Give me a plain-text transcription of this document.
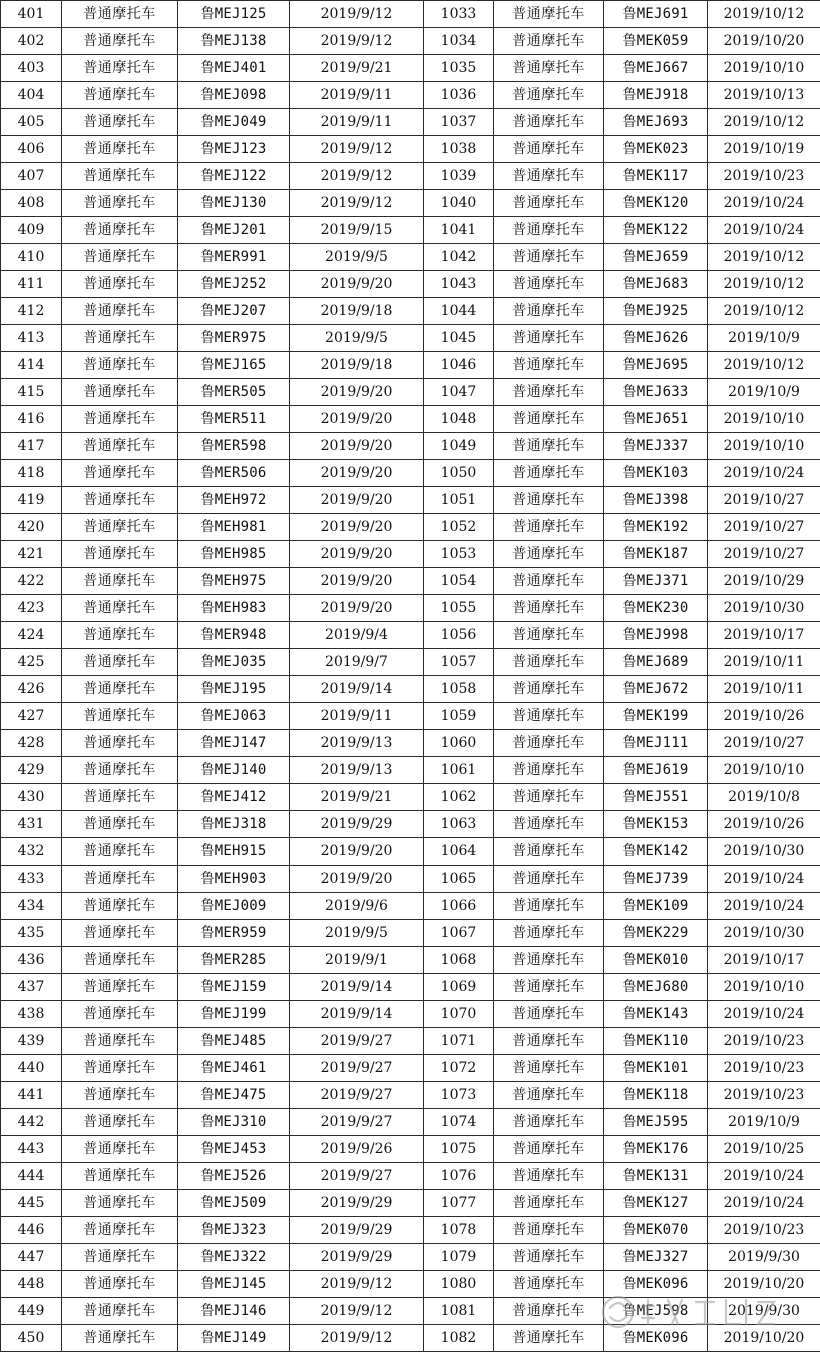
401	普通摩托车	鲁MEJ125	2019/9/12	1033	普通摩托车	鲁MEJ691	2019/10/12
402	普通摩托车	鲁MEJ138	2019/9/12	1034	普通摩托车	鲁MEK059	2019/10/20
403	普通摩托车	鲁MEJ401	2019/9/21	1035	普通摩托车	鲁MEJ667	2019/10/10
404	普通摩托车	鲁MEJ098	2019/9/11	1036	普通摩托车	鲁MEJ918	2019/10/13
405	普通摩托车	鲁MEJ049	2019/9/11	1037	普通摩托车	鲁MEJ693	2019/10/12
406	普通摩托车	鲁MEJ123	2019/9/12	1038	普通摩托车	鲁MEK023	2019/10/19
407	普通摩托车	鲁MEJ122	2019/9/12	1039	普通摩托车	鲁MEK117	2019/10/23
408	普通摩托车	鲁MEJ130	2019/9/12	1040	普通摩托车	鲁MEK120	2019/10/24
409	普通摩托车	鲁MEJ201	2019/9/15	1041	普通摩托车	鲁MEK122	2019/10/24
410	普通摩托车	鲁MER991	2019/9/5	1042	普通摩托车	鲁MEJ659	2019/10/12
411	普通摩托车	鲁MEJ252	2019/9/20	1043	普通摩托车	鲁MEJ683	2019/10/12
412	普通摩托车	鲁MEJ207	2019/9/18	1044	普通摩托车	鲁MEJ925	2019/10/12
413	普通摩托车	鲁MER975	2019/9/5	1045	普通摩托车	鲁MEJ626	2019/10/9
414	普通摩托车	鲁MEJ165	2019/9/18	1046	普通摩托车	鲁MEJ695	2019/10/12
415	普通摩托车	鲁MER505	2019/9/20	1047	普通摩托车	鲁MEJ633	2019/10/9
416	普通摩托车	鲁MER511	2019/9/20	1048	普通摩托车	鲁MEJ651	2019/10/10
417	普通摩托车	鲁MER598	2019/9/20	1049	普通摩托车	鲁MEJ337	2019/10/10
418	普通摩托车	鲁MER506	2019/9/20	1050	普通摩托车	鲁MEK103	2019/10/24
419	普通摩托车	鲁MEH972	2019/9/20	1051	普通摩托车	鲁MEJ398	2019/10/27
420	普通摩托车	鲁MEH981	2019/9/20	1052	普通摩托车	鲁MEK192	2019/10/27
421	普通摩托车	鲁MEH985	2019/9/20	1053	普通摩托车	鲁MEK187	2019/10/27
422	普通摩托车	鲁MEH975	2019/9/20	1054	普通摩托车	鲁MEJ371	2019/10/29
423	普通摩托车	鲁MEH983	2019/9/20	1055	普通摩托车	鲁MEK230	2019/10/30
424	普通摩托车	鲁MER948	2019/9/4	1056	普通摩托车	鲁MEJ998	2019/10/17
425	普通摩托车	鲁MEJ035	2019/9/7	1057	普通摩托车	鲁MEJ689	2019/10/11
426	普通摩托车	鲁MEJ195	2019/9/14	1058	普通摩托车	鲁MEJ672	2019/10/11
427	普通摩托车	鲁MEJ063	2019/9/11	1059	普通摩托车	鲁MEK199	2019/10/26
428	普通摩托车	鲁MEJ147	2019/9/13	1060	普通摩托车	鲁MEJ111	2019/10/27
429	普通摩托车	鲁MEJ140	2019/9/13	1061	普通摩托车	鲁MEJ619	2019/10/10
430	普通摩托车	鲁MEJ412	2019/9/21	1062	普通摩托车	鲁MEJ551	2019/10/8
431	普通摩托车	鲁MEJ318	2019/9/29	1063	普通摩托车	鲁MEK153	2019/10/26
432	普通摩托车	鲁MEH915	2019/9/20	1064	普通摩托车	鲁MEK142	2019/10/30
433	普通摩托车	鲁MEH903	2019/9/20	1065	普通摩托车	鲁MEJ739	2019/10/24
434	普通摩托车	鲁MEJ009	2019/9/6	1066	普通摩托车	鲁MEK109	2019/10/24
435	普通摩托车	鲁MER959	2019/9/5	1067	普通摩托车	鲁MEK229	2019/10/30
436	普通摩托车	鲁MER285	2019/9/1	1068	普通摩托车	鲁MEK010	2019/10/17
437	普通摩托车	鲁MEJ159	2019/9/14	1069	普通摩托车	鲁MEJ680	2019/10/10
438	普通摩托车	鲁MEJ199	2019/9/14	1070	普通摩托车	鲁MEK143	2019/10/24
439	普通摩托车	鲁MEJ485	2019/9/27	1071	普通摩托车	鲁MEK110	2019/10/23
440	普通摩托车	鲁MEJ461	2019/9/27	1072	普通摩托车	鲁MEK101	2019/10/23
441	普通摩托车	鲁MEJ475	2019/9/27	1073	普通摩托车	鲁MEK118	2019/10/23
442	普通摩托车	鲁MEJ310	2019/9/27	1074	普通摩托车	鲁MEJ595	2019/10/9
443	普通摩托车	鲁MEJ453	2019/9/26	1075	普通摩托车	鲁MEK176	2019/10/25
444	普通摩托车	鲁MEJ526	2019/9/27	1076	普通摩托车	鲁MEK131	2019/10/24
445	普通摩托车	鲁MEJ509	2019/9/29	1077	普通摩托车	鲁MEK127	2019/10/24
446	普通摩托车	鲁MEJ323	2019/9/29	1078	普通摩托车	鲁MEK070	2019/10/23
447	普通摩托车	鲁MEJ322	2019/9/29	1079	普通摩托车	鲁MEJ327	2019/9/30
448	普通摩托车	鲁MEJ145	2019/9/12	1080	普通摩托车	鲁MEK096	2019/10/20
449	普通摩托车	鲁MEJ146	2019/9/12	1081	普通摩托车	鲁MEJ598	2019/9/30
450	普通摩托车	鲁MEJ149	2019/9/12	1082	普通摩托车	鲁MEK096	2019/10/20
